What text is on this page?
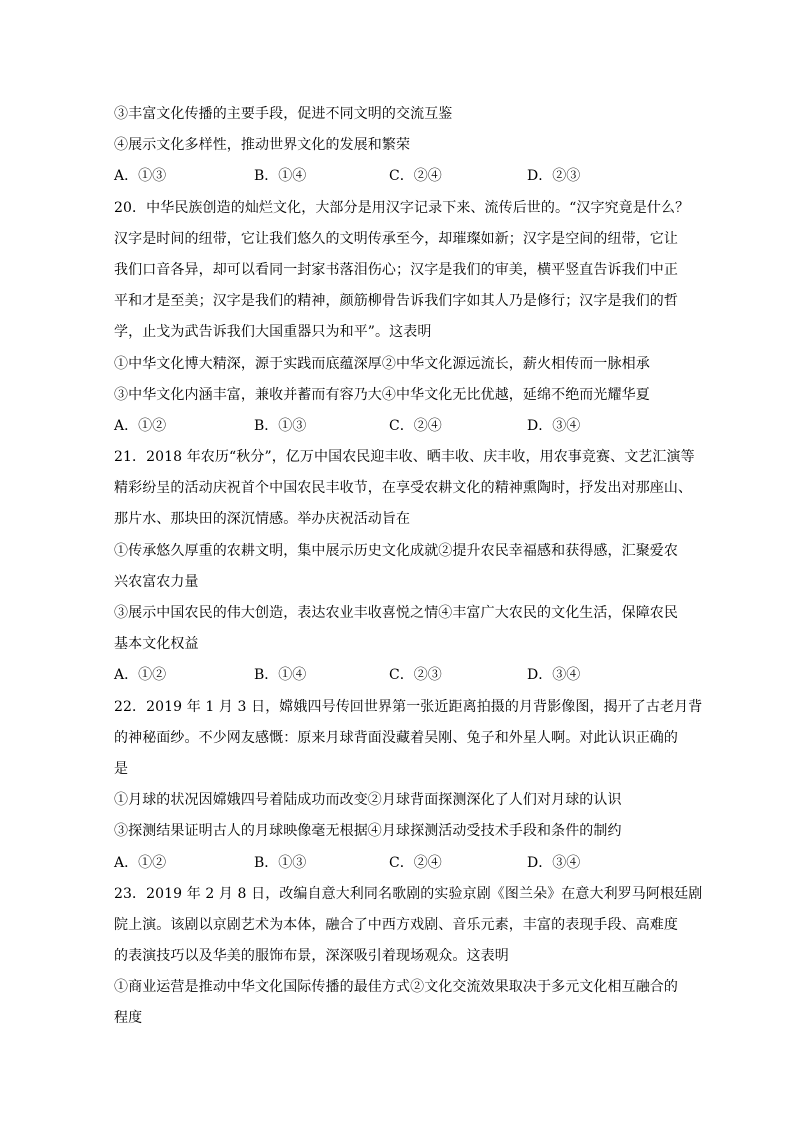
③丰富文化传播的主要手段，促进不同文明的交流互鉴
④展示文化多样性，推动世界文化的发展和繁荣
A．①③	B．①④	C．②④	D．②③
20．中华民族创造的灿烂文化，大部分是用汉字记录下来、流传后世的。“汉字究竟是什么？
汉字是时间的纽带，它让我们悠久的文明传承至今，却璀璨如新；汉字是空间的纽带，它让
我们口音各异，却可以看同一封家书落泪伤心；汉字是我们的审美，横平竖直告诉我们中正
平和才是至美；汉字是我们的精神，颜筋柳骨告诉我们字如其人乃是修行；汉字是我们的哲
学，止戈为武告诉我们大国重器只为和平”。这表明
①中华文化博大精深，源于实践而底蕴深厚②中华文化源远流长，薪火相传而一脉相承
③中华文化内涵丰富，兼收并蓄而有容乃大④中华文化无比优越，延绵不绝而光耀华夏
A．①②	B．①③	C．②④	D．③④
21．2018 年农历“秋分”，亿万中国农民迎丰收、晒丰收、庆丰收，用农事竞赛、文艺汇演等
精彩纷呈的活动庆祝首个中国农民丰收节，在享受农耕文化的精神熏陶时，抒发出对那座山、
那片水、那块田的深沉情感。举办庆祝活动旨在
①传承悠久厚重的农耕文明，集中展示历史文化成就②提升农民幸福感和获得感，汇聚爱农
兴农富农力量
③展示中国农民的伟大创造，表达农业丰收喜悦之情④丰富广大农民的文化生活，保障农民
基本文化权益
A．①②	B．①④	C．②③	D．③④
22．2019 年 1 月 3 日，嫦娥四号传回世界第一张近距离拍摄的月背影像图，揭开了古老月背
的神秘面纱。不少网友感慨：原来月球背面没藏着吴刚、兔子和外星人啊。对此认识正确的
是
①月球的状况因嫦娥四号着陆成功而改变②月球背面探测深化了人们对月球的认识
③探测结果证明古人的月球映像毫无根据④月球探测活动受技术手段和条件的制约
A．①②	B．①③	C．②④	D．③④
23．2019 年 2 月 8 日，改编自意大利同名歌剧的实验京剧《图兰朵》在意大利罗马阿根廷剧
院上演。该剧以京剧艺术为本体，融合了中西方戏剧、音乐元素，丰富的表现手段、高难度
的表演技巧以及华美的服饰布景，深深吸引着现场观众。这表明
①商业运营是推动中华文化国际传播的最佳方式②文化交流效果取决于多元文化相互融合的
程度
